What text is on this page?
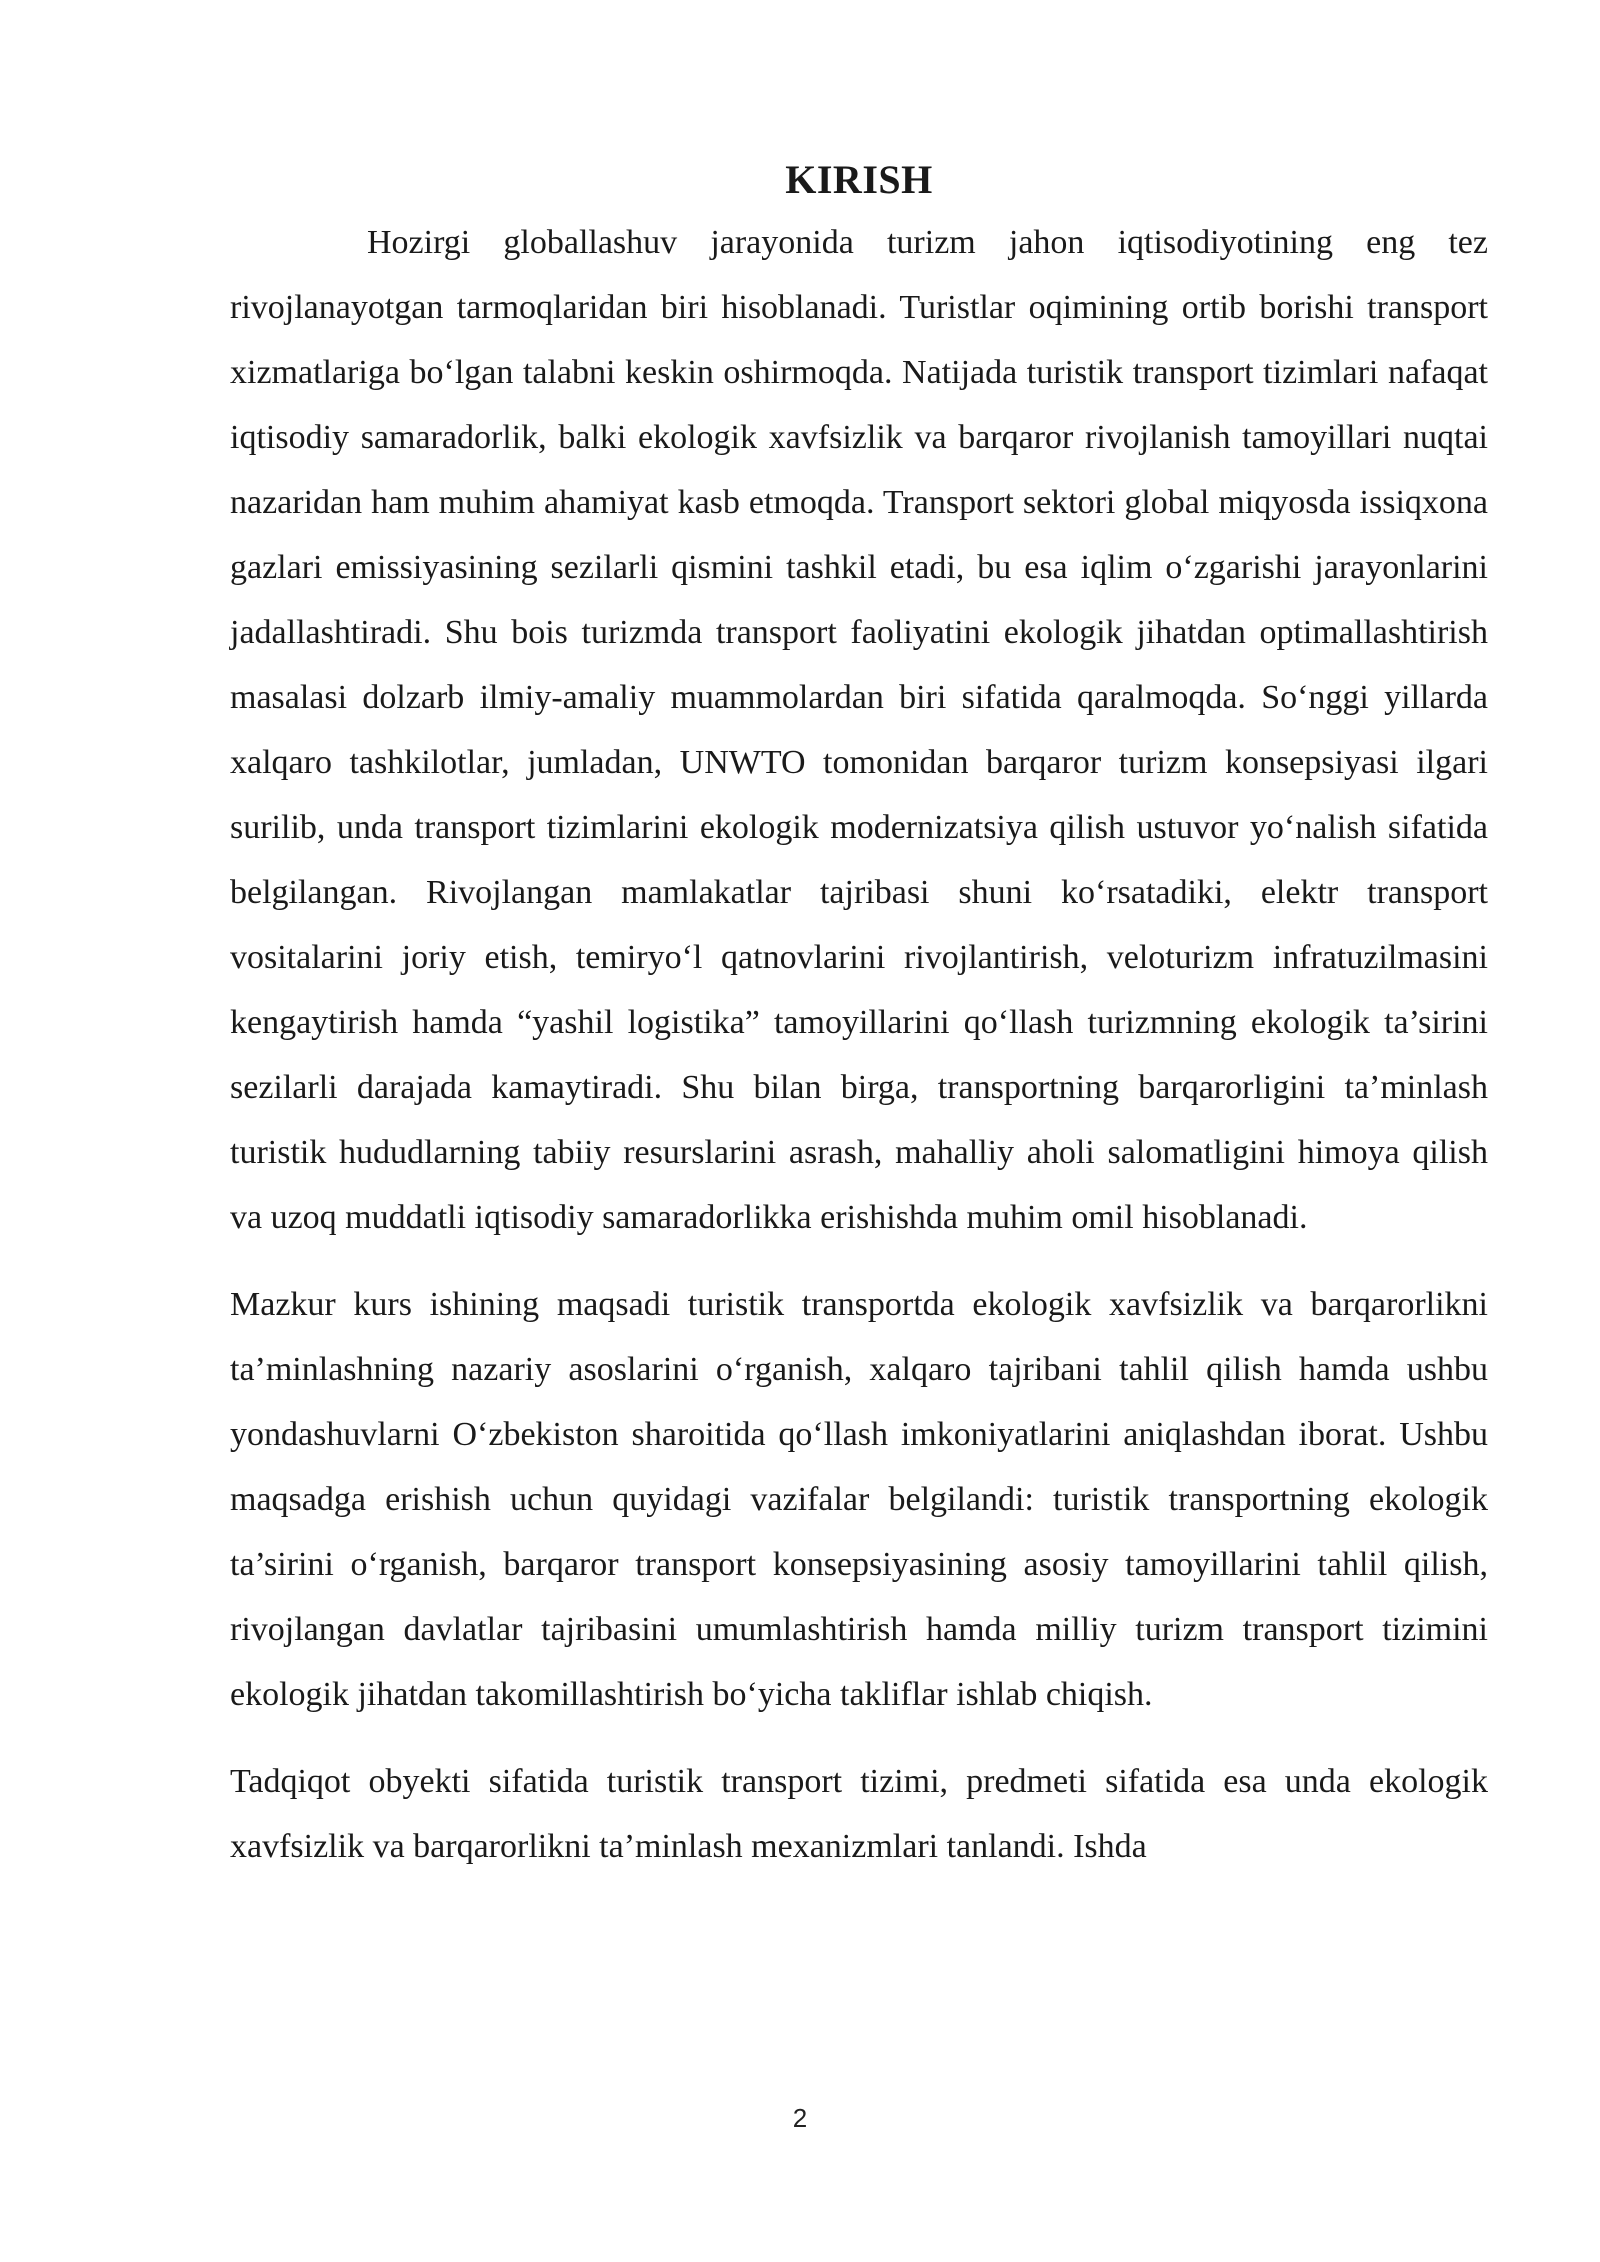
KIRISH

Hozirgi globallashuv jarayonida turizm jahon iqtisodiyotining eng tez rivojlanayotgan tarmoqlaridan biri hisoblanadi. Turistlar oqimining ortib borishi transport xizmatlariga bo‘lgan talabni keskin oshirmoqda. Natijada turistik transport tizimlari nafaqat iqtisodiy samaradorlik, balki ekologik xavfsizlik va barqaror rivojlanish tamoyillari nuqtai nazaridan ham muhim ahamiyat kasb etmoqda. Transport sektori global miqyosda issiqxona gazlari emissiyasining sezilarli qismini tashkil etadi, bu esa iqlim o‘zgarishi jarayonlarini jadallashtiradi. Shu bois turizmda transport faoliyatini ekologik jihatdan optimallashtirish masalasi dolzarb ilmiy-amaliy muammolardan biri sifatida qaralmoqda. So‘nggi yillarda xalqaro tashkilotlar, jumladan, UNWTO tomonidan barqaror turizm konsepsiyasi ilgari surilib, unda transport tizimlarini ekologik modernizatsiya qilish ustuvor yo‘nalish sifatida belgilangan. Rivojlangan mamlakatlar tajribasi shuni ko‘rsatadiki, elektr transport vositalarini joriy etish, temiryo‘l qatnovlarini rivojlantirish, veloturizm infratuzilmasini kengaytirish hamda “yashil logistika” tamoyillarini qo‘llash turizmning ekologik ta’sirini sezilarli darajada kamaytiradi. Shu bilan birga, transportning barqarorligini ta’minlash turistik hududlarning tabiiy resurslarini asrash, mahalliy aholi salomatligini himoya qilish va uzoq muddatli iqtisodiy samaradorlikka erishishda muhim omil hisoblanadi.

Mazkur kurs ishining maqsadi turistik transportda ekologik xavfsizlik va barqarorlikni ta’minlashning nazariy asoslarini o‘rganish, xalqaro tajribani tahlil qilish hamda ushbu yondashuvlarni O‘zbekiston sharoitida qo‘llash imkoniyatlarini aniqlashdan iborat. Ushbu maqsadga erishish uchun quyidagi vazifalar belgilandi: turistik transportning ekologik ta’sirini o‘rganish, barqaror transport konsepsiyasining asosiy tamoyillarini tahlil qilish, rivojlangan davlatlar tajribasini umumlashtirish hamda milliy turizm transport tizimini ekologik jihatdan takomillashtirish bo‘yicha takliflar ishlab chiqish.

Tadqiqot obyekti sifatida turistik transport tizimi, predmeti sifatida esa unda ekologik xavfsizlik va barqarorlikni ta’minlash mexanizmlari tanlandi. Ishda

2
